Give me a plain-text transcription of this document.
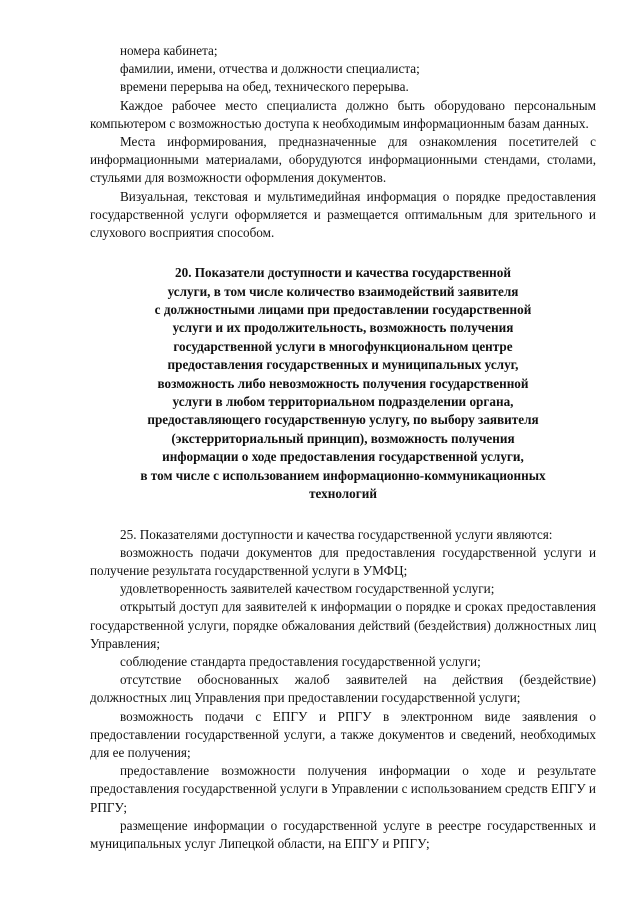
номера кабинета;

фамилии, имени, отчества и должности специалиста;

времени перерыва на обед, технического перерыва.

Каждое рабочее место специалиста должно быть оборудовано персональным компьютером с возможностью доступа к необходимым информационным базам данных.

Места информирования, предназначенные для ознакомления посетителей с информационными материалами, оборудуются информационными стендами, столами, стульями для возможности оформления документов.

Визуальная, текстовая и мультимедийная информация о порядке предоставления государственной услуги оформляется и размещается оптимальным для зрительного и слухового восприятия способом.

20. Показатели доступности и качества государственной
услуги, в том числе количество взаимодействий заявителя
с должностными лицами при предоставлении государственной
услуги и их продолжительность, возможность получения
государственной услуги в многофункциональном центре
предоставления государственных и муниципальных услуг,
возможность либо невозможность получения государственной
услуги в любом территориальном подразделении органа,
предоставляющего государственную услугу, по выбору заявителя
(экстерриториальный принцип), возможность получения
информации о ходе предоставления государственной услуги,
в том числе с использованием информационно-коммуникационных
технологий

25. Показателями доступности и качества государственной услуги являются:

возможность подачи документов для предоставления государственной услуги и получение результата государственной услуги в УМФЦ;

удовлетворенность заявителей качеством государственной услуги;

открытый доступ для заявителей к информации о порядке и сроках предоставления государственной услуги, порядке обжалования действий (бездействия) должностных лиц Управления;

соблюдение стандарта предоставления государственной услуги;

отсутствие обоснованных жалоб заявителей на действия (бездействие) должностных лиц Управления при предоставлении государственной услуги;

возможность подачи с ЕПГУ и РПГУ в электронном виде заявления о предоставлении государственной услуги, а также документов и сведений, необходимых для ее получения;

предоставление возможности получения информации о ходе и результате предоставления государственной услуги в Управлении с использованием средств ЕПГУ и РПГУ;

размещение информации о государственной услуге в реестре государственных и муниципальных услуг Липецкой области, на ЕПГУ и РПГУ;
